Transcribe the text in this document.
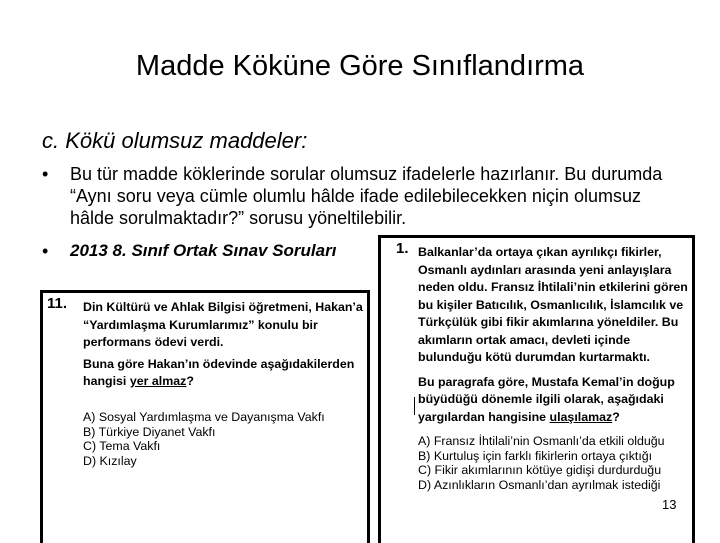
Madde Köküne Göre Sınıflandırma
c. Kökü olumsuz maddeler:
• Bu tür madde köklerinde sorular olumsuz ifadelerle hazırlanır. Bu durumda “Aynı soru veya cümle olumlu hâlde ifade edilebilecekken niçin olumsuz hâlde sorulmaktadır?” sorusu yöneltilebilir.
• 2013 8. Sınıf Ortak Sınav Soruları
11. Din Kültürü ve Ahlak Bilgisi öğretmeni, Hakan’a “Yardımlaşma Kurumlarımız” konulu bir performans ödevi verdi.
Buna göre Hakan’ın ödevinde aşağıdakilerden hangisi yer almaz?
A) Sosyal Yardımlaşma ve Dayanışma Vakfı
B) Türkiye Diyanet Vakfı
C) Tema Vakfı
D) Kızılay
1. Balkanlar’da ortaya çıkan ayrılıkçı fikirler, Osmanlı aydınları arasında yeni anlayışlara neden oldu. Fransız İhtilali’nin etkilerini gören bu kişiler Batıcılık, Osmanlıcılık, İslamcılık ve Türkçülük gibi fikir akımlarına yöneldiler. Bu akımların ortak amacı, devleti içinde bulunduğu kötü durumdan kurtarmaktı.
Bu paragrafa göre, Mustafa Kemal’in doğup büyüdüğü dönemle ilgili olarak, aşağıdaki yargılardan hangisine ulaşılamaz?
A) Fransız İhtilali’nin Osmanlı’da etkili olduğu
B) Kurtuluş için farklı fikirlerin ortaya çıktığı
C) Fikir akımlarının kötüye gidişi durdurduğu
D) Azınlıkların Osmanlı’dan ayrılmak istediği
13
